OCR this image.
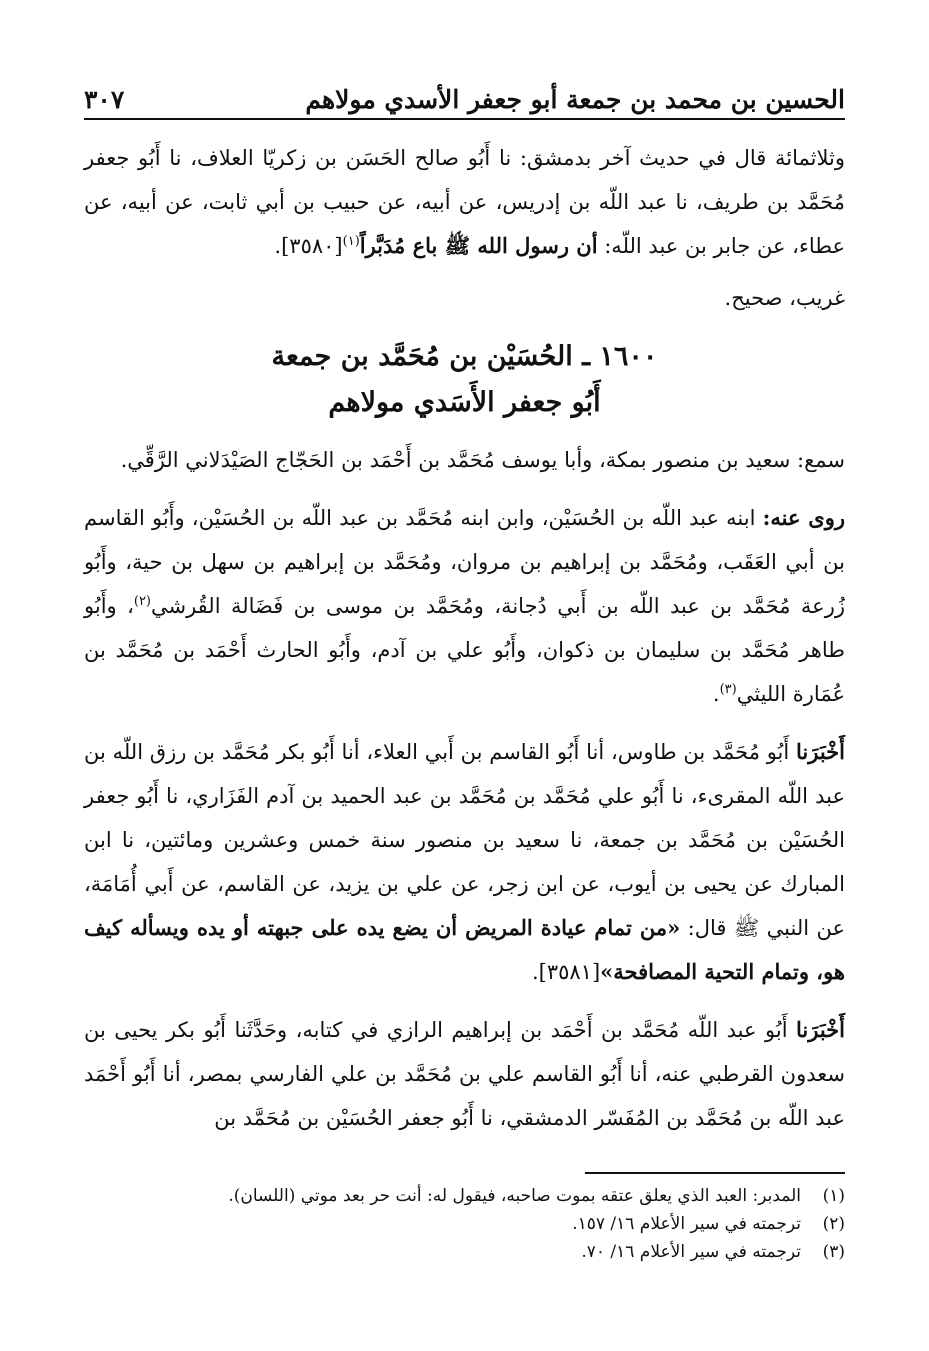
الحسين بن محمد بن جمعة أبو جعفر الأسدي مولاهم
٣٠٧

وثلاثمائة قال في حديث آخر بدمشق: نا أَبُو صالح الحَسَن بن زكريّا العلاف، نا أَبُو جعفر مُحَمَّد بن طريف، نا عبد اللّه بن إدريس، عن أبيه، عن حبيب بن أبي ثابت، عن أبيه، عن عطاء، عن جابر بن عبد اللّه: أن رسول الله ﷺ باع مُدَبَّراً$^{(١)}$[٣٥٨٠].

غريب، صحيح.

١٦٠٠ ـ الحُسَيْن بن مُحَمَّد بن جمعة
أَبُو جعفر الأَسَدي مولاهم

سمع: سعيد بن منصور بمكة، وأبا يوسف مُحَمَّد بن أَحْمَد بن الحَجّاج الصَيْدَلاني الرَّقِّي.

روى عنه: ابنه عبد اللّه بن الحُسَيْن، وابن ابنه مُحَمَّد بن عبد اللّه بن الحُسَيْن، وأَبُو القاسم بن أبي العَقَب، ومُحَمَّد بن إبراهيم بن مروان، ومُحَمَّد بن إبراهيم بن سهل بن حية، وأَبُو زُرعة مُحَمَّد بن عبد اللّه بن أَبي دُجانة، ومُحَمَّد بن موسى بن فَضَالة القُرشي$^{(٢)}$، وأَبُو طاهر مُحَمَّد بن سليمان بن ذكوان، وأَبُو علي بن آدم، وأَبُو الحارث أَحْمَد بن مُحَمَّد بن عُمَارة الليثي$^{(٣)}$.

أَخْبَرَنا أَبُو مُحَمَّد بن طاوس، أنا أَبُو القاسم بن أَبي العلاء، أنا أَبُو بكر مُحَمَّد بن رزق اللّه بن عبد اللّه المقرىء، نا أَبُو علي مُحَمَّد بن مُحَمَّد بن عبد الحميد بن آدم الفَزَاري، نا أَبُو جعفر الحُسَيْن بن مُحَمَّد بن جمعة، نا سعيد بن منصور سنة خمس وعشرين ومائتين، نا ابن المبارك عن يحيى بن أيوب، عن ابن زجر، عن علي بن يزيد، عن القاسم، عن أَبي أُمَامَة، عن النبي ﷺ قال: «من تمام عيادة المريض أن يضع يده على جبهته أو يده ويسأله كيف هو، وتمام التحية المصافحة»[٣٥٨١].

أَخْبَرَنا أَبُو عبد اللّه مُحَمَّد بن أَحْمَد بن إبراهيم الرازي في كتابه، وحَدَّثَنا أَبُو بكر يحيى بن سعدون القرطبي عنه، أنا أَبُو القاسم علي بن مُحَمَّد بن علي الفارسي بمصر، أنا أَبُو أَحْمَد عبد اللّه بن مُحَمَّد بن المُفَسّر الدمشقي، نا أَبُو جعفر الحُسَيْن بن مُحَمَّد بن

(١)
المدبر: العبد الذي يعلق عتقه بموت صاحبه، فيقول له: أنت حر بعد موتي (اللسان).
(٢)
ترجمته في سير الأعلام ١٦/ ١٥٧.
(٣)
ترجمته في سير الأعلام ١٦/ ٧٠.
